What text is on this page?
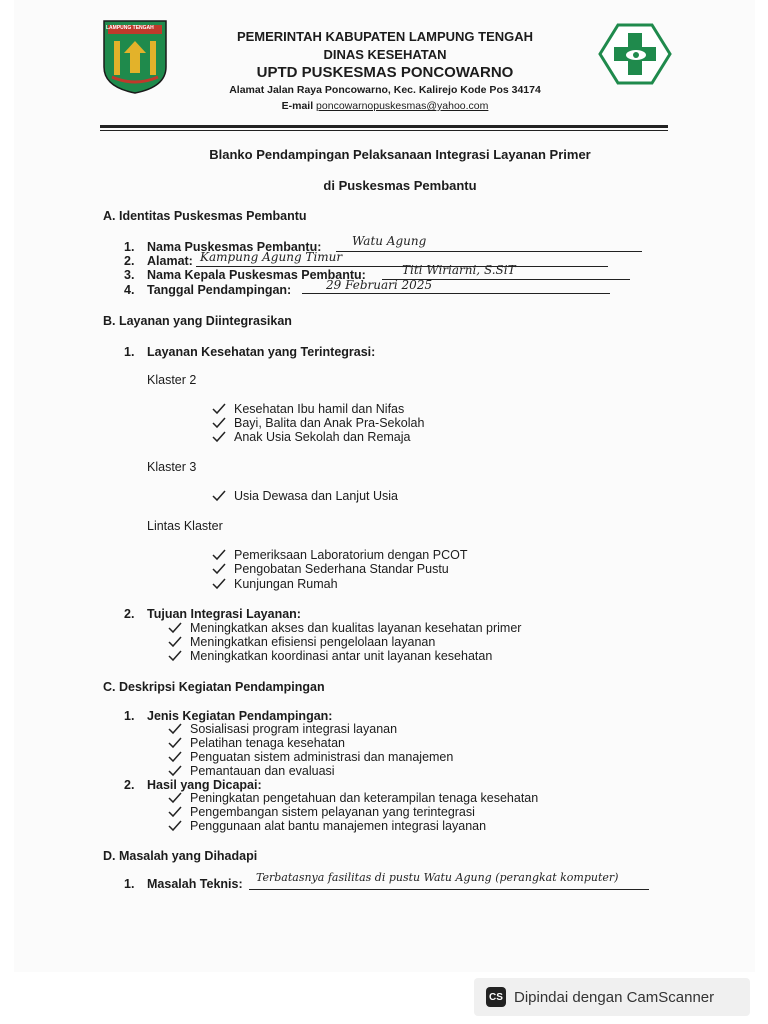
LAMPUNG TENGAH
PEMERINTAH KABUPATEN LAMPUNG TENGAH
DINAS KESEHATAN
UPTD PUSKESMAS PONCOWARNO
Alamat Jalan Raya Poncowarno, Kec. Kalirejo Kode Pos 34174
E-mail poncowarnopuskesmas@yahoo.com
Blanko Pendampingan Pelaksanaan Integrasi Layanan Primer
di Puskesmas Pembantu
A. Identitas Puskesmas Pembantu
1. Nama Puskesmas Pembantu:	Watu Agung
2. Alamat: Kampung Agung Timur
3. Nama Kepala Puskesmas Pembantu:	Titi Wiriarni, S.SiT
4. Tanggal Pendampingan:	29 Februari 2025
B. Layanan yang Diintegrasikan
1. Layanan Kesehatan yang Terintegrasi:
Klaster 2
Kesehatan Ibu hamil dan Nifas
Bayi, Balita dan Anak Pra-Sekolah
Anak Usia Sekolah dan Remaja
Klaster 3
Usia Dewasa dan Lanjut Usia
Lintas Klaster
Pemeriksaan Laboratorium dengan PCOT
Pengobatan Sederhana Standar Pustu
Kunjungan Rumah
2. Tujuan Integrasi Layanan:
Meningkatkan akses dan kualitas layanan kesehatan primer
Meningkatkan efisiensi pengelolaan layanan
Meningkatkan koordinasi antar unit layanan kesehatan
C. Deskripsi Kegiatan Pendampingan
1. Jenis Kegiatan Pendampingan:
Sosialisasi program integrasi layanan
Pelatihan tenaga kesehatan
Penguatan sistem administrasi dan manajemen
Pemantauan dan evaluasi
2. Hasil yang Dicapai:
Peningkatan pengetahuan dan keterampilan tenaga kesehatan
Pengembangan sistem pelayanan yang terintegrasi
Penggunaan alat bantu manajemen integrasi layanan
D. Masalah yang Dihadapi
1. Masalah Teknis: Terbatasnya fasilitas di pustu Watu Agung (perangkat komputer)
CS Dipindai dengan CamScanner
